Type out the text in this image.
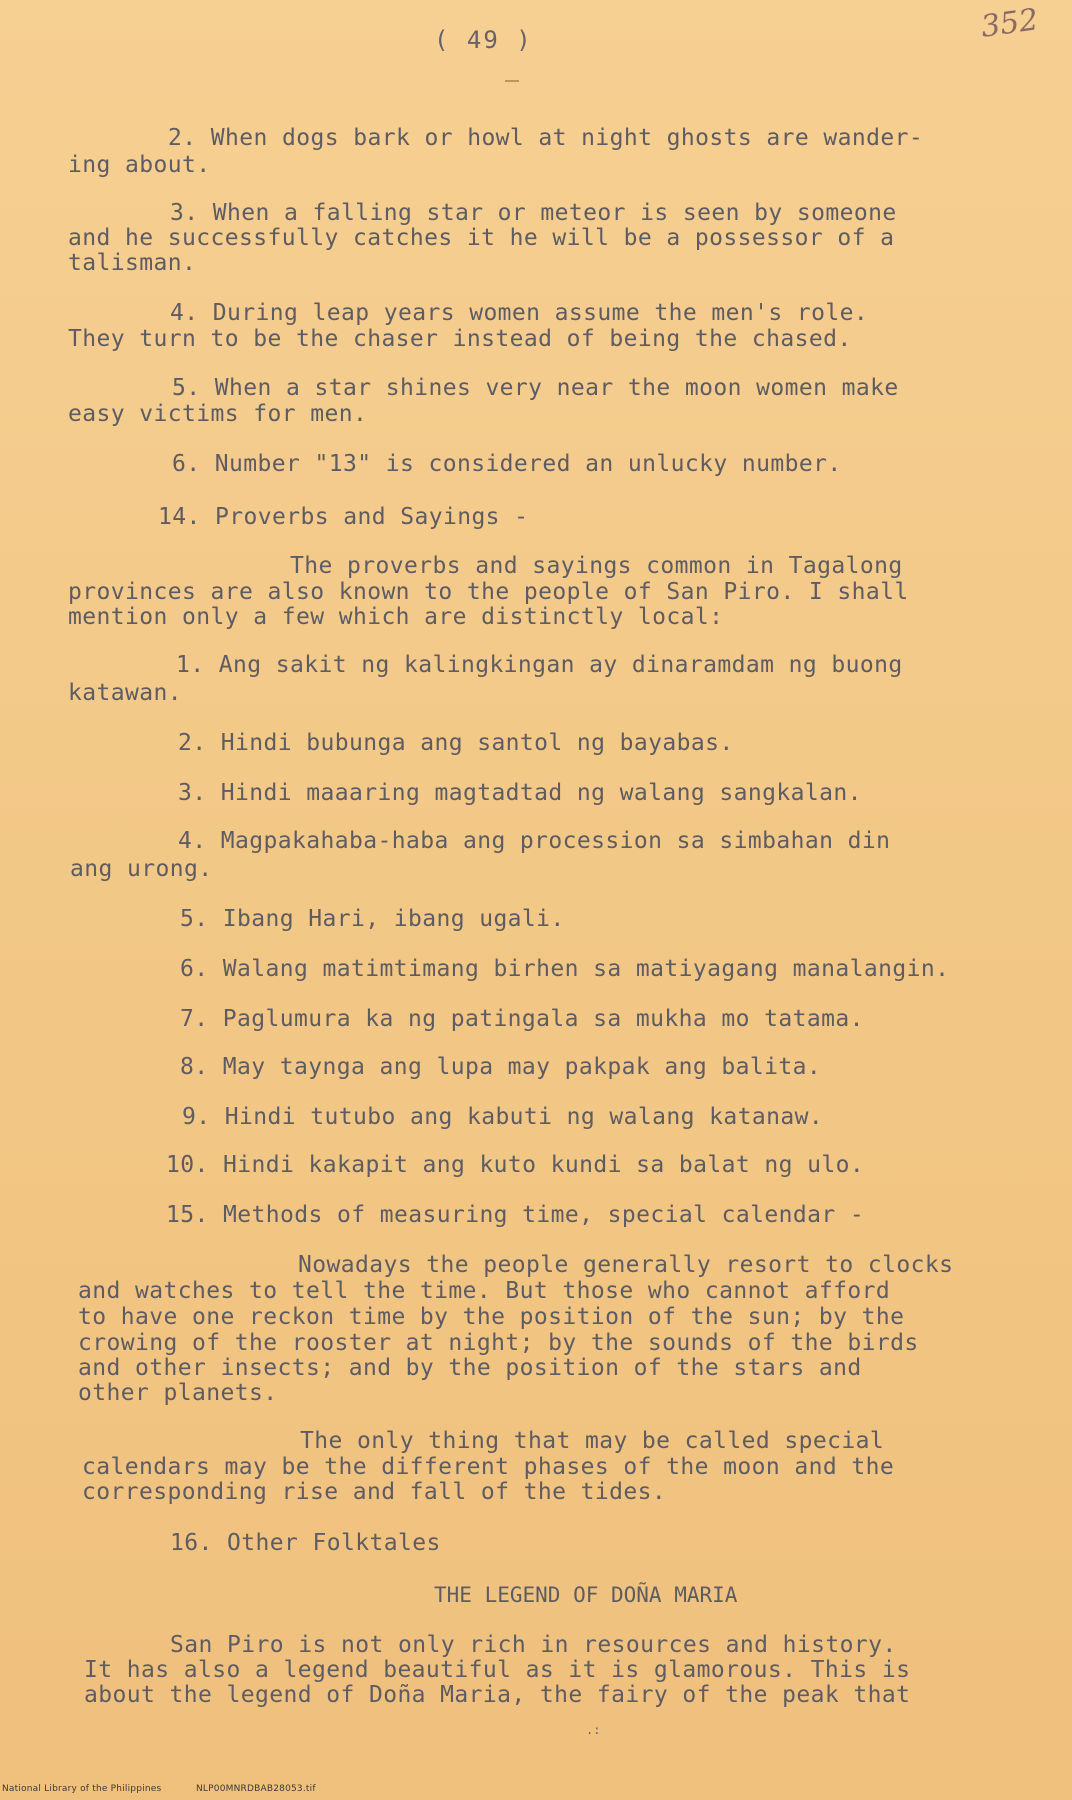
( 49 )	352
2. When dogs bark or howl at night ghosts are wander-
ing about.
3. When a falling star or meteor is seen by someone
and he successfully catches it he will be a possessor of a
talisman.
4. During leap years women assume the men's role.
They turn to be the chaser instead of being the chased.
5. When a star shines very near the moon women make
easy victims for men.
6. Number "13" is considered an unlucky number.
14. Proverbs and Sayings -
The proverbs and sayings common in Tagalong
provinces are also known to the people of San Piro. I shall
mention only a few which are distinctly local:
1. Ang sakit ng kalingkingan ay dinaramdam ng buong
katawan.
2. Hindi bubunga ang santol ng bayabas.
3. Hindi maaaring magtadtad ng walang sangkalan.
4. Magpakahaba-haba ang procession sa simbahan din
ang urong.
5. Ibang Hari, ibang ugali.
6. Walang matimtimang birhen sa matiyagang manalangin.
7. Paglumura ka ng patingala sa mukha mo tatama.
8. May taynga ang lupa may pakpak ang balita.
9. Hindi tutubo ang kabuti ng walang katanaw.
10. Hindi kakapit ang kuto kundi sa balat ng ulo.
15. Methods of measuring time, special calendar -
Nowadays the people generally resort to clocks
and watches to tell the time. But those who cannot afford
to have one reckon time by the position of the sun; by the
crowing of the rooster at night; by the sounds of the birds
and other insects; and by the position of the stars and
other planets.
The only thing that may be called special
calendars may be the different phases of the moon and the
corresponding rise and fall of the tides.
16. Other Folktales
THE LEGEND OF DOÑA MARIA
San Piro is not only rich in resources and history.
It has also a legend beautiful as it is glamorous. This is
about the legend of Doña Maria, the fairy of the peak that
.:
National Library of the Philippines	NLP00MNRDBAB28053.tif
